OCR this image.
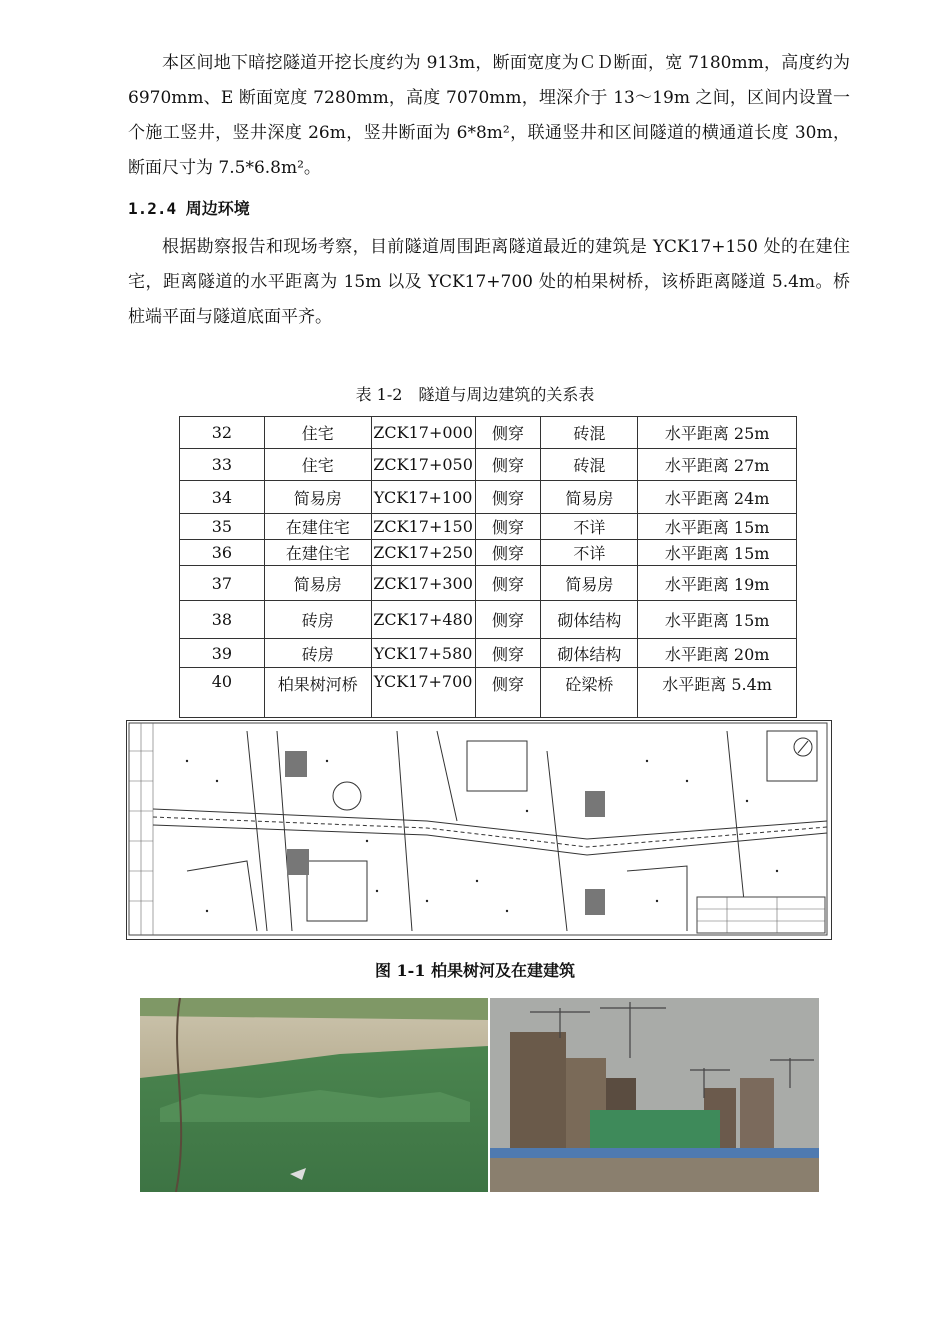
本区间地下暗挖隧道开挖长度约为 913m，断面宽度为ＣＤ断面，宽 7180mm，高度约为 6970mm、E 断面宽度 7280mm，高度 7070mm，埋深介于 13～19m 之间，区间内设置一个施工竖井，竖井深度 26m，竖井断面为 6*8m²，联通竖井和区间隧道的横通道长度 30m，断面尺寸为 7.5*6.8m²。

1.2.4 周边环境

根据勘察报告和现场考察，目前隧道周围距离隧道最近的建筑是 YCK17+150 处的在建住宅，距离隧道的水平距离为 15m 以及 YCK17+700 处的柏果树桥，该桥距离隧道 5.4m。桥桩端平面与隧道底面平齐。

表 1-2　隧道与周边建筑的关系表
32	住宅	ZCK17+000	侧穿	砖混	水平距离 25m
33	住宅	ZCK17+050	侧穿	砖混	水平距离 27m
34	简易房	YCK17+100	侧穿	简易房	水平距离 24m
35	在建住宅	ZCK17+150	侧穿	不详	水平距离 15m
36	在建住宅	ZCK17+250	侧穿	不详	水平距离 15m
37	简易房	ZCK17+300	侧穿	简易房	水平距离 19m
38	砖房	ZCK17+480	侧穿	砌体结构	水平距离 15m
39	砖房	YCK17+580	侧穿	砌体结构	水平距离 20m
40	柏果树河桥	YCK17+700	侧穿	砼梁桥	水平距离 5.4m
图 1-1 柏果树河及在建建筑
